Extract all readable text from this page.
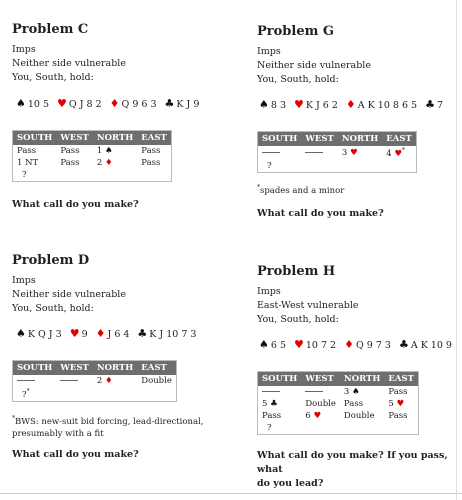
Problem C
Imps
Neither side vulnerable
You, South, hold:
♠ 10 5 ♥ Q J 8 2 ♦ Q 9 6 3 ♣ K J 9
SOUTH	WEST	NORTH	EAST
Pass	Pass	1 ♠	Pass
1 NT	Pass	2 ♦	Pass
?			
What call do you make?
Problem G
Imps
Neither side vulnerable
You, South, hold:
♠ 8 3 ♥ K J 6 2 ♦ A K 10 8 6 5 ♣ 7
SOUTH	WEST	NORTH	EAST
		3 ♥	4 ♥*
?			
*spades and a minor
What call do you make?
Problem D
Imps
Neither side vulnerable
You, South, hold:
♠ K Q J 3 ♥ 9 ♦ J 6 4 ♣ K J 10 7 3
SOUTH	WEST	NORTH	EAST
		2 ♦	Double
?*			
*BWS: new-suit bid forcing, lead-directional,
presumably with a fit
What call do you make?
Problem H
Imps
East-West vulnerable
You, South, hold:
♠ 6 5 ♥ 10 7 2 ♦ Q 9 7 3 ♣ A K 10 9
SOUTH	WEST	NORTH	EAST
		3 ♠	Pass
5 ♣	Double	Pass	5 ♥
Pass	6 ♥	Double	Pass
?			
What call do you make? If you pass, what
do you lead?
